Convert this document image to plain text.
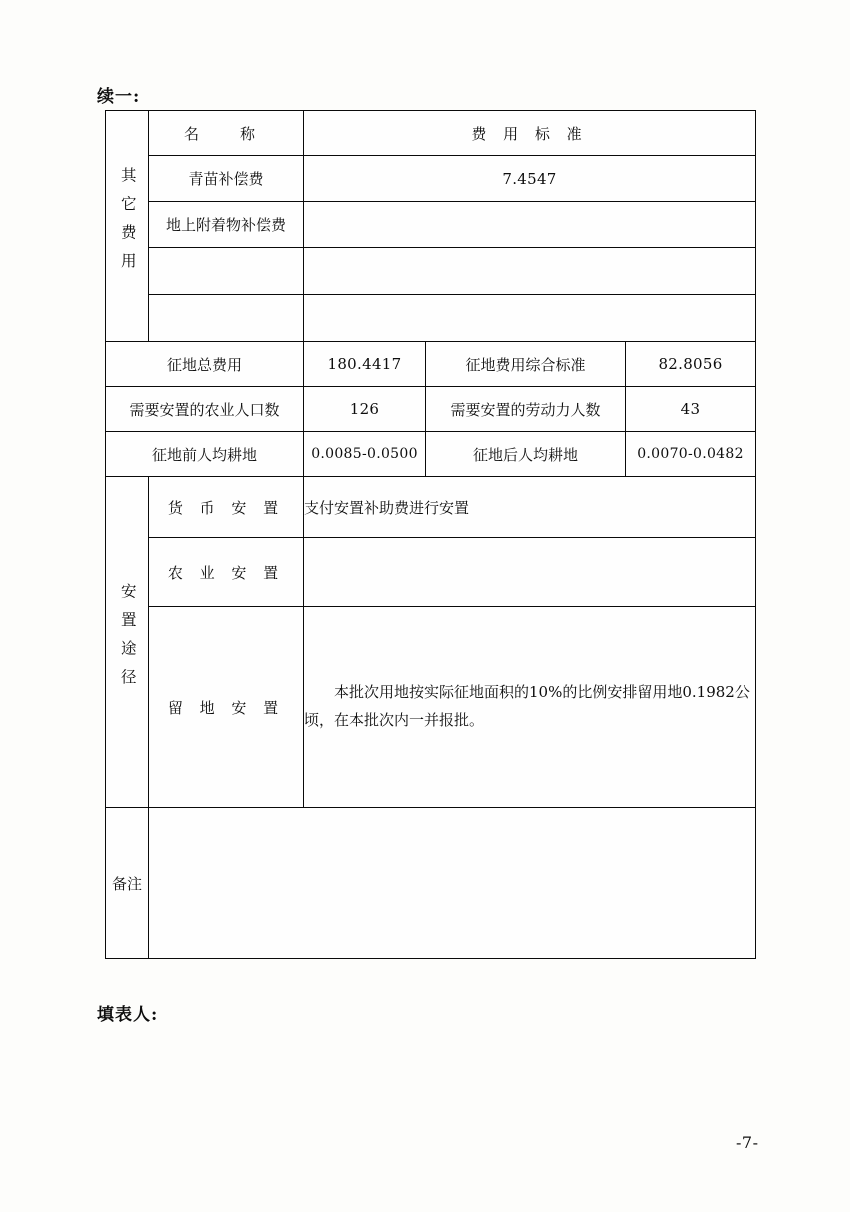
续一:
其它费用	名　称	费 用 标 准		
	青苗补偿费	7.4547		
	地上附着物补偿费			

征地总费用		180.4417	征地费用综合标准	82.8056
需要安置的农业人口数		126	需要安置的劳动力人数	43
征地前人均耕地		0.0085-0.0500	征地后人均耕地	0.0070-0.0482
安置途径	货 币 安 置	支付安置补助费进行安置		
	农 业 安 置			
	留 地 安 置	本批次用地按实际征地面积的10%的比例安排留用地0.1982公顷，在本批次内一并报批。		
备注				
填表人:
-7-
